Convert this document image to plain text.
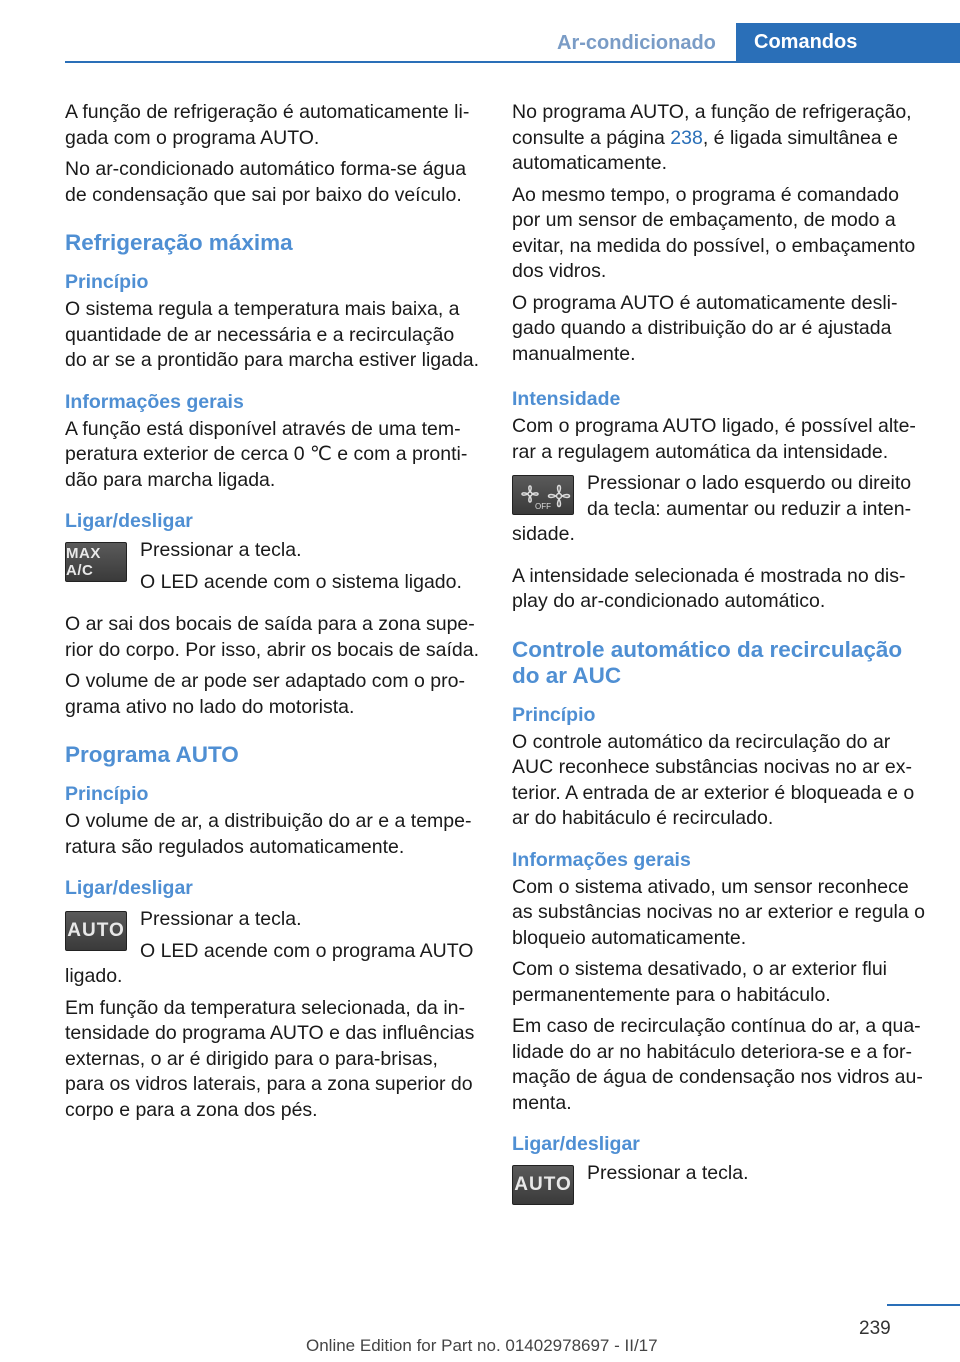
Ar-condicionado	Comandos

A função de refrigeração é automaticamente ligada com o programa AUTO.

No ar-condicionado automático forma-se água de condensação que sai por baixo do veículo.

Refrigeração máxima
Princípio

O sistema regula a temperatura mais baixa, a quantidade de ar necessária e a recirculação do ar se a prontidão para marcha estiver ligada.

Informações gerais

A função está disponível através de uma temperatura exterior de cerca 0 ℃ e com a prontidão para marcha ligada.

Ligar/desligar
MAX A/C

Pressionar a tecla.

O LED acende com o sistema ligado.

O ar sai dos bocais de saída para a zona superior do corpo. Por isso, abrir os bocais de saída.

O volume de ar pode ser adaptado com o programa ativo no lado do motorista.

Programa AUTO
Princípio

O volume de ar, a distribuição do ar e a temperatura são regulados automaticamente.

Ligar/desligar
AUTO

Pressionar a tecla.

O LED acende com o programa AUTO ligado.

Em função da temperatura selecionada, da intensidade do programa AUTO e das influências externas, o ar é dirigido para o para-brisas, para os vidros laterais, para a zona superior do corpo e para a zona dos pés.

No programa AUTO, a função de refrigeração, consulte a página 238, é ligada simultânea e automaticamente.

Ao mesmo tempo, o programa é comandado por um sensor de embaçamento, de modo a evitar, na medida do possível, o embaçamento dos vidros.

O programa AUTO é automaticamente desligado quando a distribuição do ar é ajustada manualmente.

Intensidade

Com o programa AUTO ligado, é possível alterar a regulagem automática da intensidade.

OFF

Pressionar o lado esquerdo ou direito da tecla: aumentar ou reduzir a intensidade.

A intensidade selecionada é mostrada no display do ar-condicionado automático.

Controle automático da recirculação do ar AUC
Princípio

O controle automático da recirculação do ar AUC reconhece substâncias nocivas no ar exterior. A entrada de ar exterior é bloqueada e o ar do habitáculo é recirculado.

Informações gerais

Com o sistema ativado, um sensor reconhece as substâncias nocivas no ar exterior e regula o bloqueio automaticamente.

Com o sistema desativado, o ar exterior flui permanentemente para o habitáculo.

Em caso de recirculação contínua do ar, a qualidade do ar no habitáculo deteriora-se e a formação de água de condensação nos vidros aumenta.

Ligar/desligar
AUTO

Pressionar a tecla.

239
Online Edition for Part no. 01402978697 - II/17
